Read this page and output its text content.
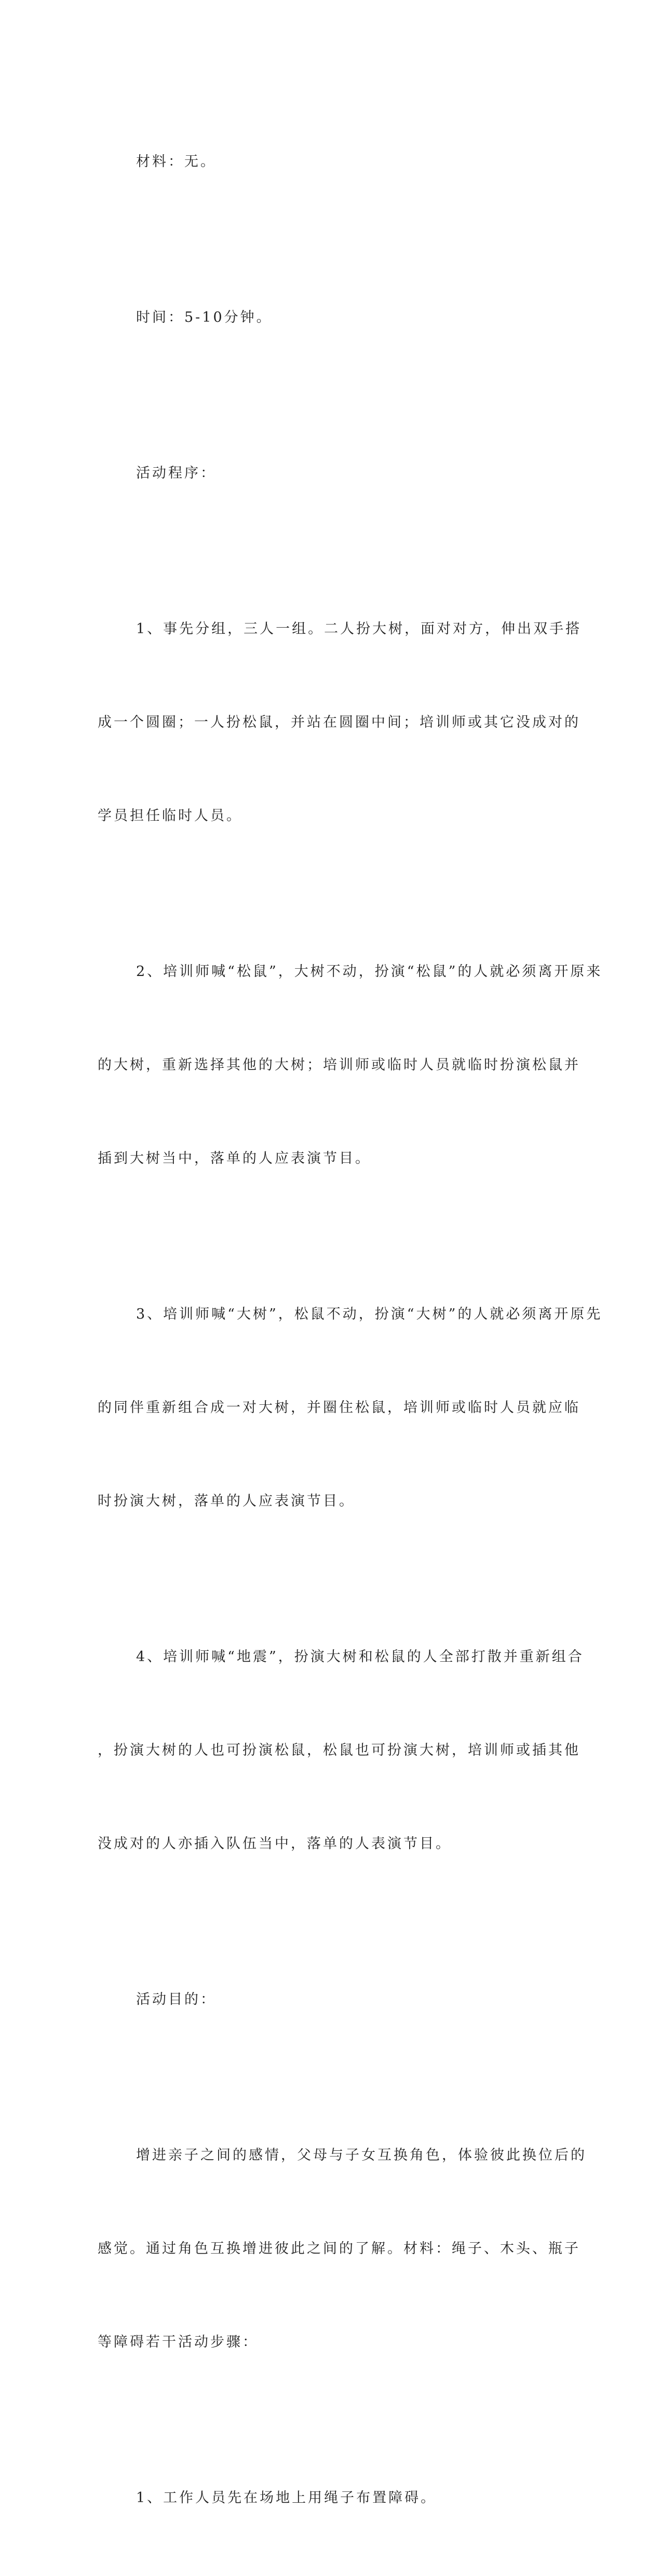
材料：无。

时间：5-10分钟。

活动程序：

1、事先分组，三人一组。二人扮大树，面对对方，伸出双手搭

成一个圆圈；一人扮松鼠，并站在圆圈中间；培训师或其它没成对的

学员担任临时人员。

2、培训师喊“松鼠”，大树不动，扮演“松鼠”的人就必须离开原来

的大树，重新选择其他的大树；培训师或临时人员就临时扮演松鼠并

插到大树当中，落单的人应表演节目。

3、培训师喊“大树”，松鼠不动，扮演“大树”的人就必须离开原先

的同伴重新组合成一对大树，并圈住松鼠，培训师或临时人员就应临

时扮演大树，落单的人应表演节目。

4、培训师喊“地震”，扮演大树和松鼠的人全部打散并重新组合

，扮演大树的人也可扮演松鼠，松鼠也可扮演大树，培训师或插其他

没成对的人亦插入队伍当中，落单的人表演节目。

活动目的：

增进亲子之间的感情，父母与子女互换角色，体验彼此换位后的

感觉。通过角色互换增进彼此之间的了解。材料：绳子、木头、瓶子

等障碍若干活动步骤：

1、工作人员先在场地上用绳子布置障碍。
